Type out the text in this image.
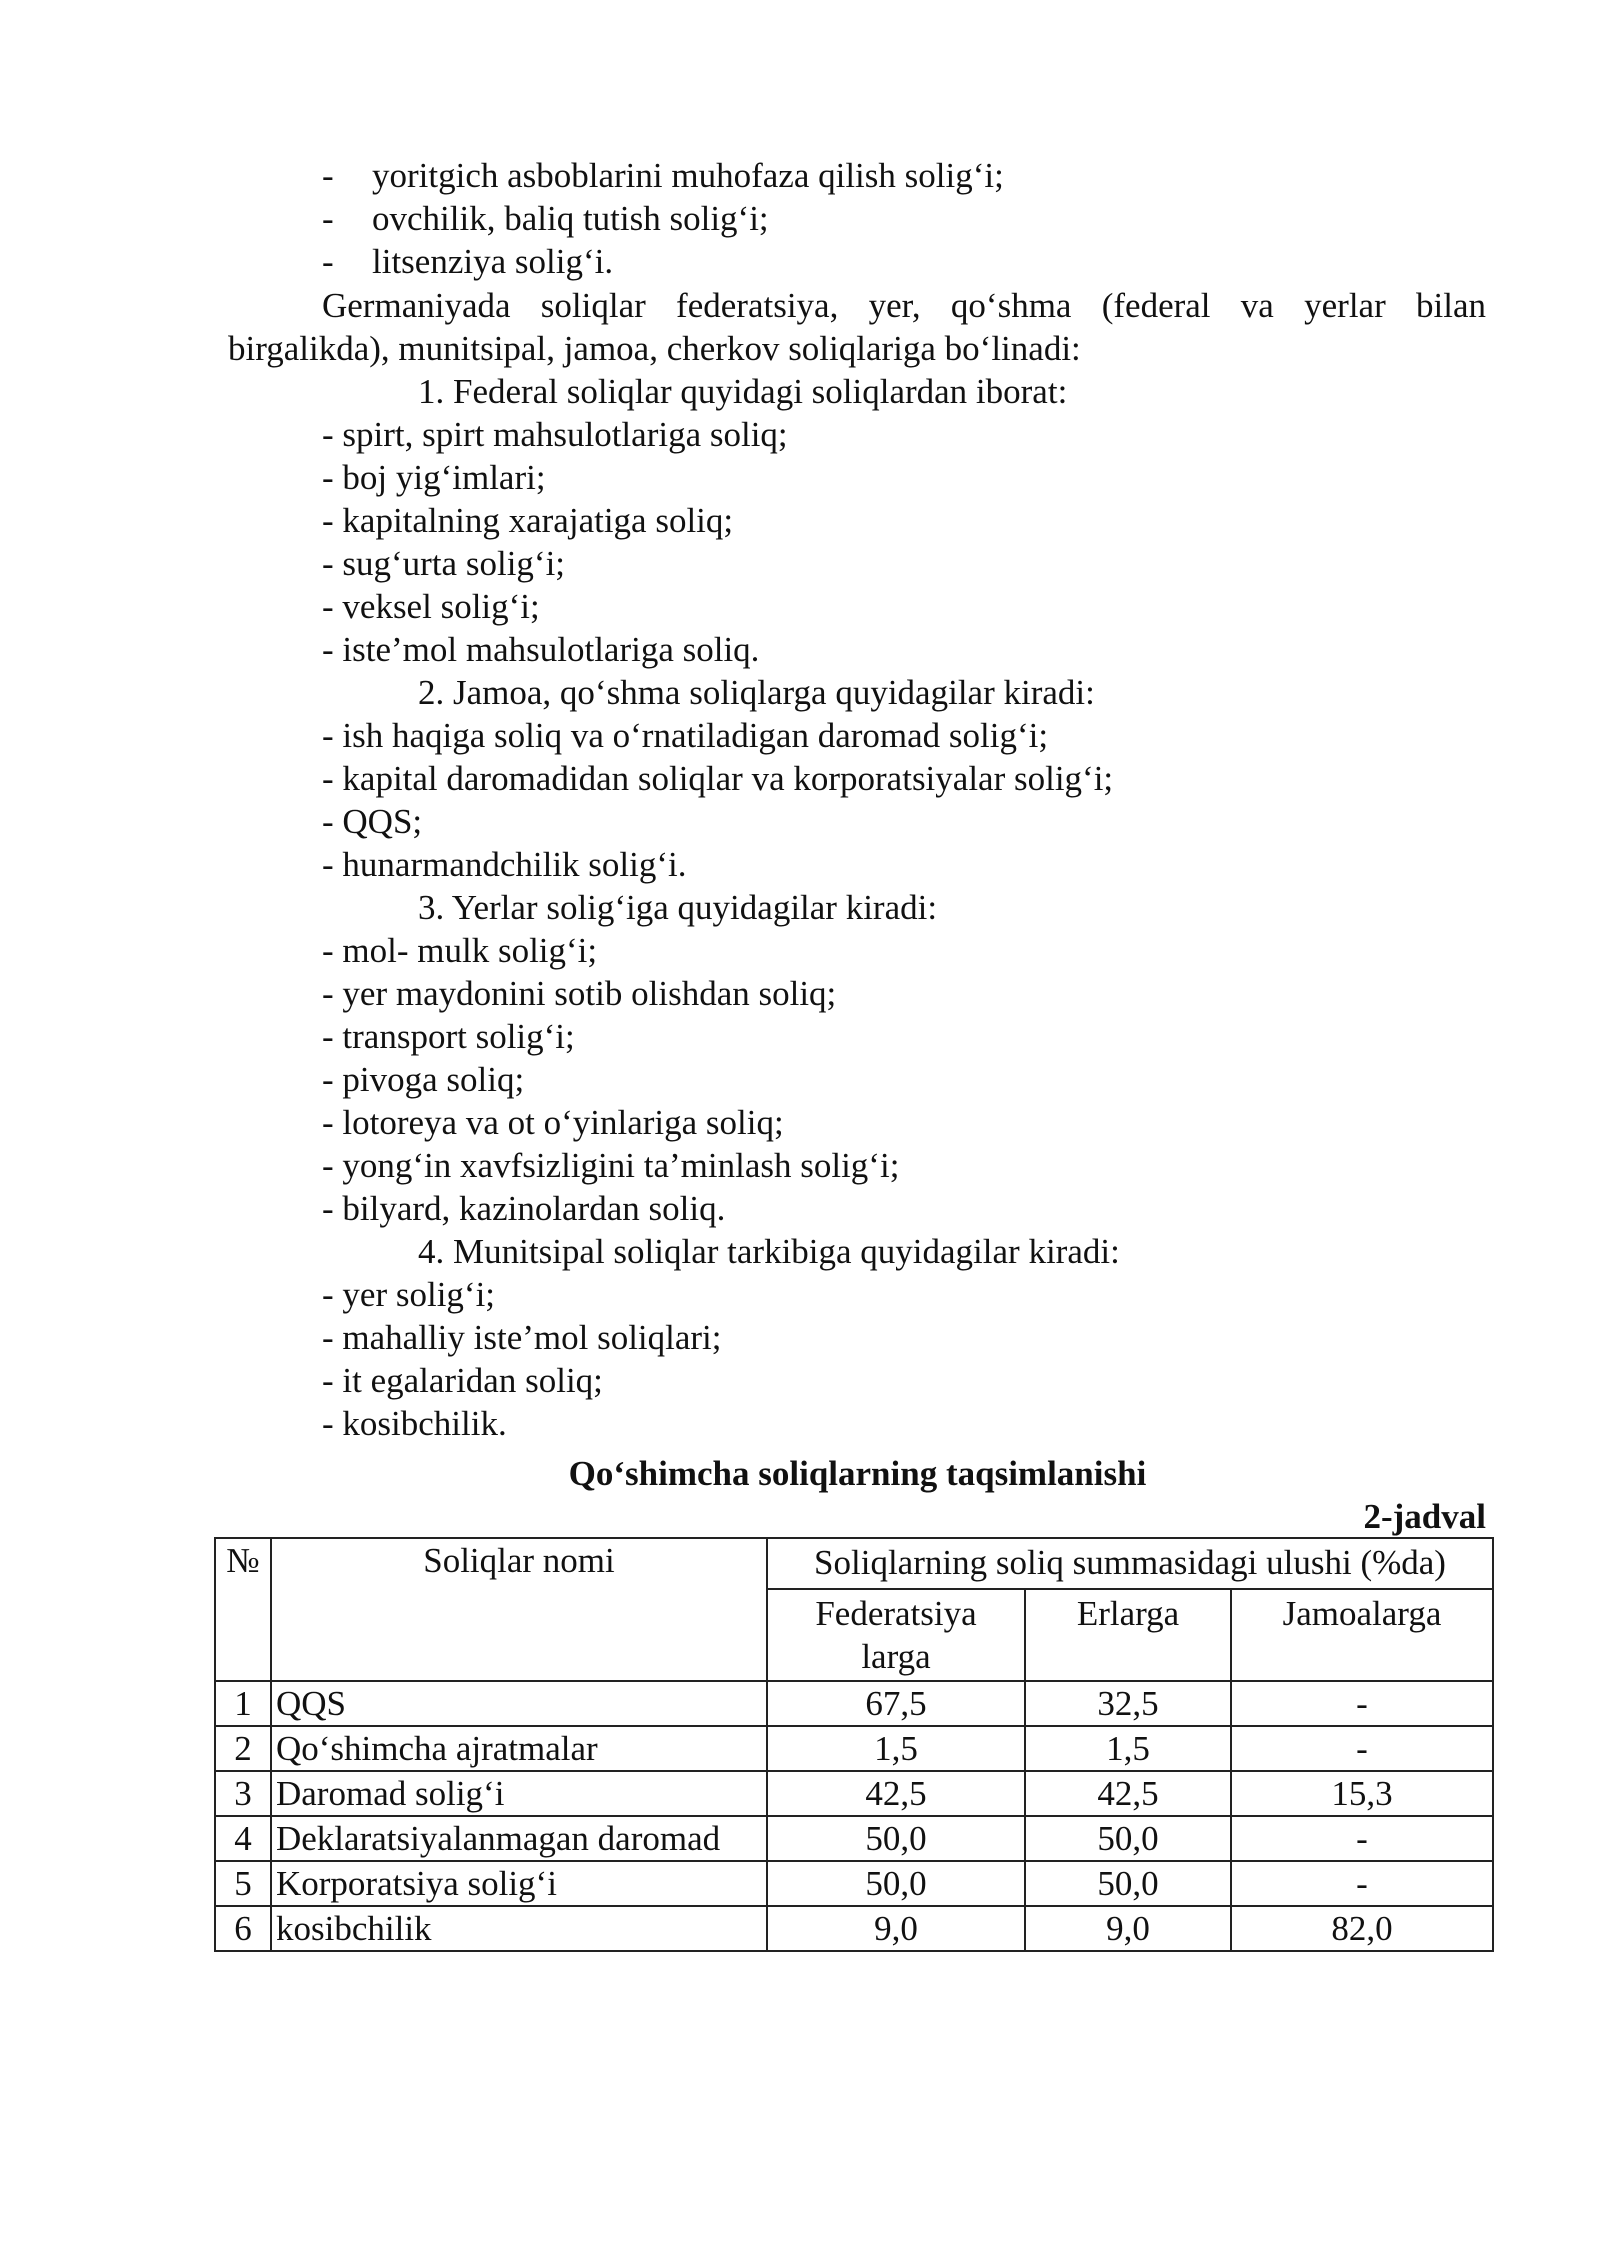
- yoritgich asboblarini muhofaza qilish solig‘i;
- ovchilik, baliq tutish solig‘i;
- litsenziya solig‘i.
Germaniyada soliqlar federatsiya, yer, qo‘shma (federal va yerlar bilan
birgalikda), munitsipal, jamoa, cherkov soliqlariga bo‘linadi:
1. Federal soliqlar quyidagi soliqlardan iborat:
- spirt, spirt mahsulotlariga soliq;
- boj yig‘imlari;
- kapitalning xarajatiga soliq;
- sug‘urta solig‘i;
- veksel solig‘i;
- iste’mol mahsulotlariga soliq.
2. Jamoa, qo‘shma soliqlarga quyidagilar kiradi:
- ish haqiga soliq va o‘rnatiladigan daromad solig‘i;
- kapital daromadidan soliqlar va korporatsiyalar solig‘i;
- QQS;
- hunarmandchilik solig‘i.
3. Yerlar solig‘iga quyidagilar kiradi:
- mol- mulk solig‘i;
- yer maydonini sotib olishdan soliq;
- transport solig‘i;
- pivoga soliq;
- lotoreya va ot o‘yinlariga soliq;
- yong‘in xavfsizligini ta’minlash solig‘i;
- bilyard, kazinolardan soliq.
4. Munitsipal soliqlar tarkibiga quyidagilar kiradi:
- yer solig‘i;
- mahalliy iste’mol soliqlari;
- it egalaridan soliq;
- kosibchilik.
Qo‘shimcha soliqlarning taqsimlanishi
2-jadval
№	Soliqlar nomi	Soliqlarning soliq summasidagi ulushi (%da)		
		Federatsiya larga	Erlarga	Jamoalarga
1	QQS	67,5	32,5	-
2	Qo‘shimcha ajratmalar	1,5	1,5	-
3	Daromad solig‘i	42,5	42,5	15,3
4	Deklaratsiyalanmagan daromad	50,0	50,0	-
5	Korporatsiya solig‘i	50,0	50,0	-
6	kosibchilik	9,0	9,0	82,0
